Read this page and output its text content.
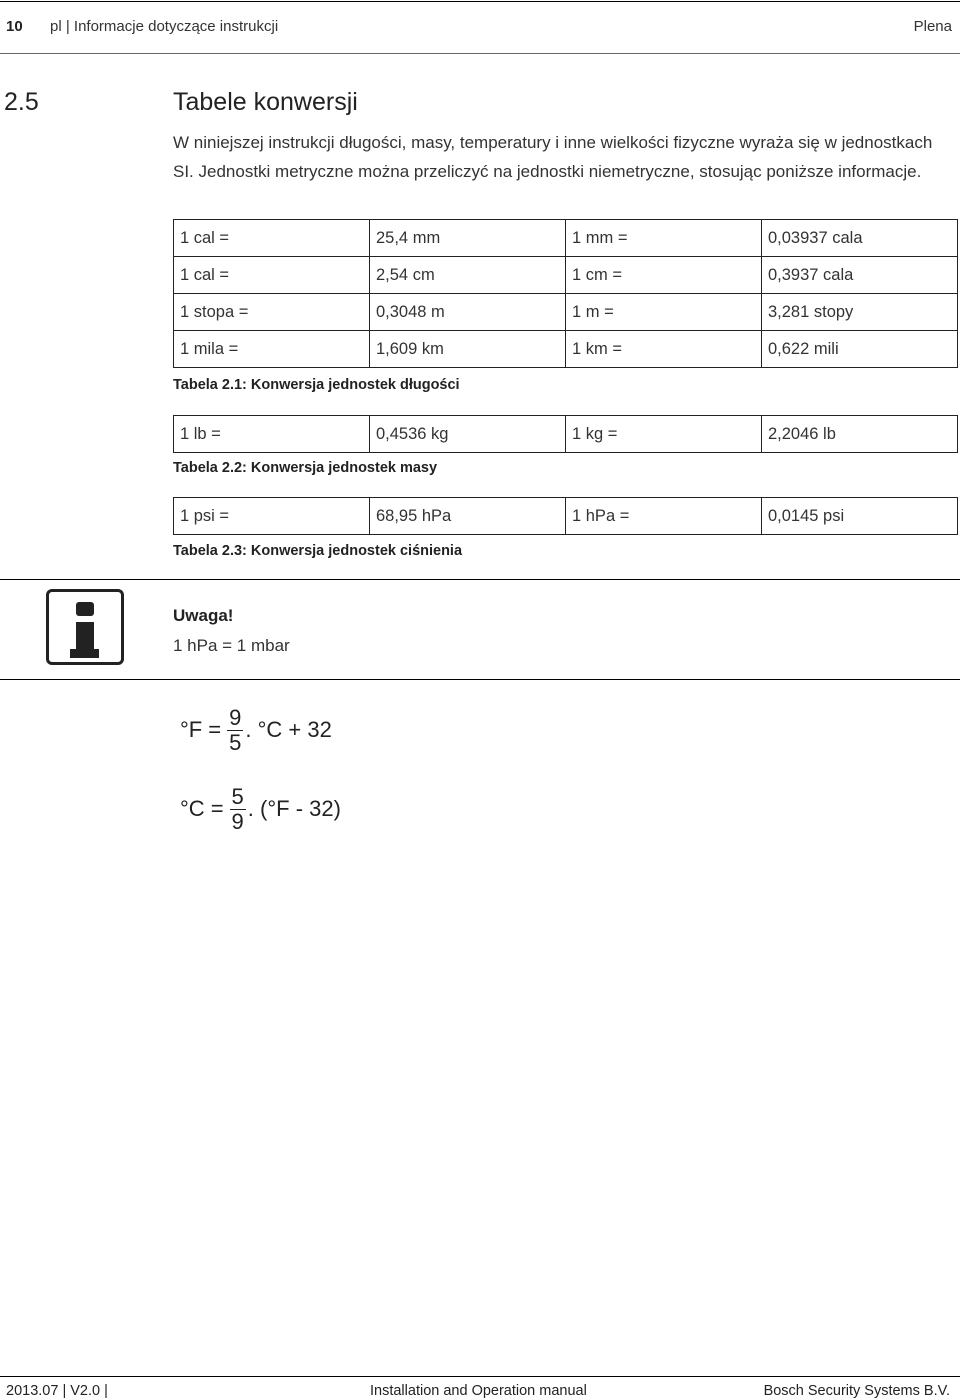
10 pl | Informacje dotyczące instrukcji	Plena
2.5	Tabele konwersji

W niniejszej instrukcji długości, masy, temperatury i inne wielkości fizyczne wyraża się w jednostkach SI. Jednostki metryczne można przeliczyć na jednostki niemetryczne, stosując poniższe informacje.

1 cal =	25,4 mm	1 mm =	0,03937 cala
1 cal =	2,54 cm	1 cm =	0,3937 cala
1 stopa =	0,3048 m	1 m =	3,281 stopy
1 mila =	1,609 km	1 km =	0,622 mili
Tabela 2.1: Konwersja jednostek długości
1 lb =	0,4536 kg	1 kg =	2,2046 lb
Tabela 2.2: Konwersja jednostek masy
1 psi =	68,95 hPa	1 hPa =	0,0145 psi
Tabela 2.3: Konwersja jednostek ciśnienia
Uwaga!
1 hPa = 1 mbar
$^\circ F = \frac{9}{5}$ . °C + 32
$^\circ C = \frac{5}{9}$ . (°F - 32)
2013.07 | V2.0 |	Installation and Operation manual	Bosch Security Systems B.V.
